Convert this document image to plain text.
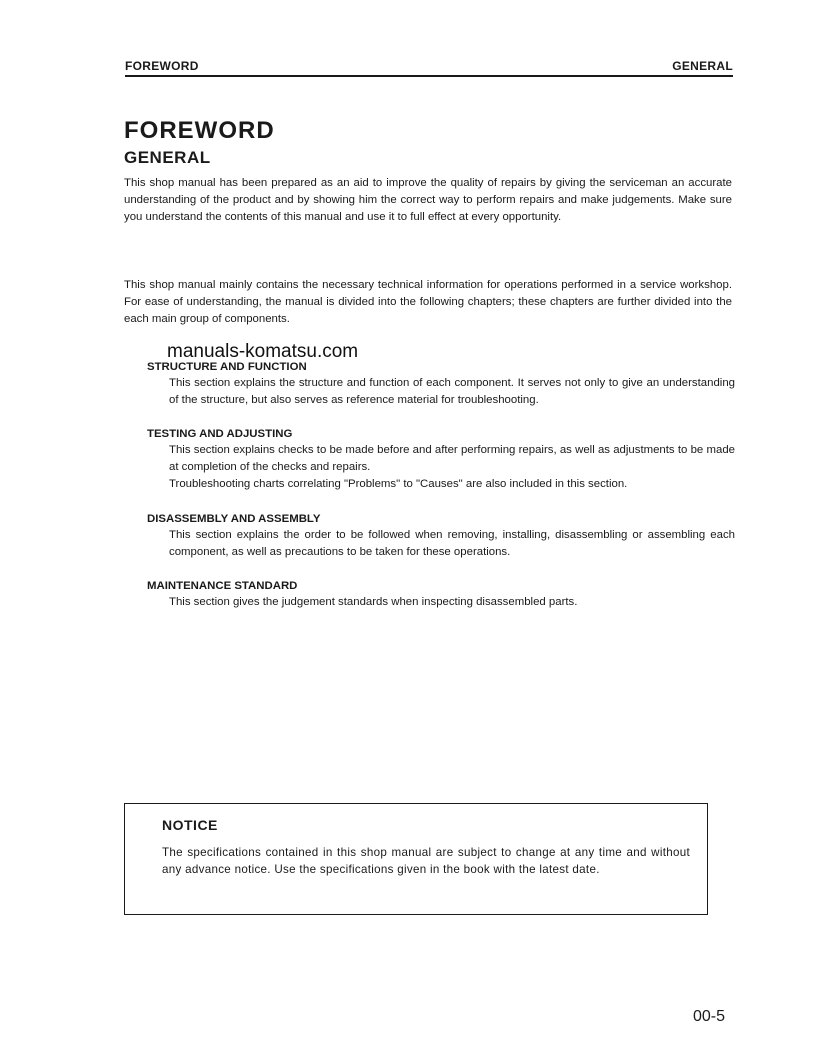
FOREWORD	GENERAL
FOREWORD
GENERAL

This shop manual has been prepared as an aid to improve the quality of repairs by giving the serviceman an accurate understanding of the product and by showing him the correct way to perform repairs and make judgements. Make sure you understand the contents of this manual and use it to full effect at every opportunity.

This shop manual mainly contains the necessary technical information for operations performed in a service workshop. For ease of understanding, the manual is divided into the following chapters; these chapters are further divided into the each main group of components.

manuals-komatsu.com

STRUCTURE AND FUNCTION

This section explains the structure and function of each component. It serves not only to give an understanding of the structure, but also serves as reference material for troubleshooting.

TESTING AND ADJUSTING

This section explains checks to be made before and after performing repairs, as well as adjustments to be made at completion of the checks and repairs.

Troubleshooting charts correlating "Problems" to "Causes" are also included in this section.

DISASSEMBLY AND ASSEMBLY

This section explains the order to be followed when removing, installing, disassembling or assembling each component, as well as precautions to be taken for these operations.

MAINTENANCE STANDARD

This section gives the judgement standards when inspecting disassembled parts.

NOTICE

The specifications contained in this shop manual are subject to change at any time and without any advance notice. Use the specifications given in the book with the latest date.

00-5
